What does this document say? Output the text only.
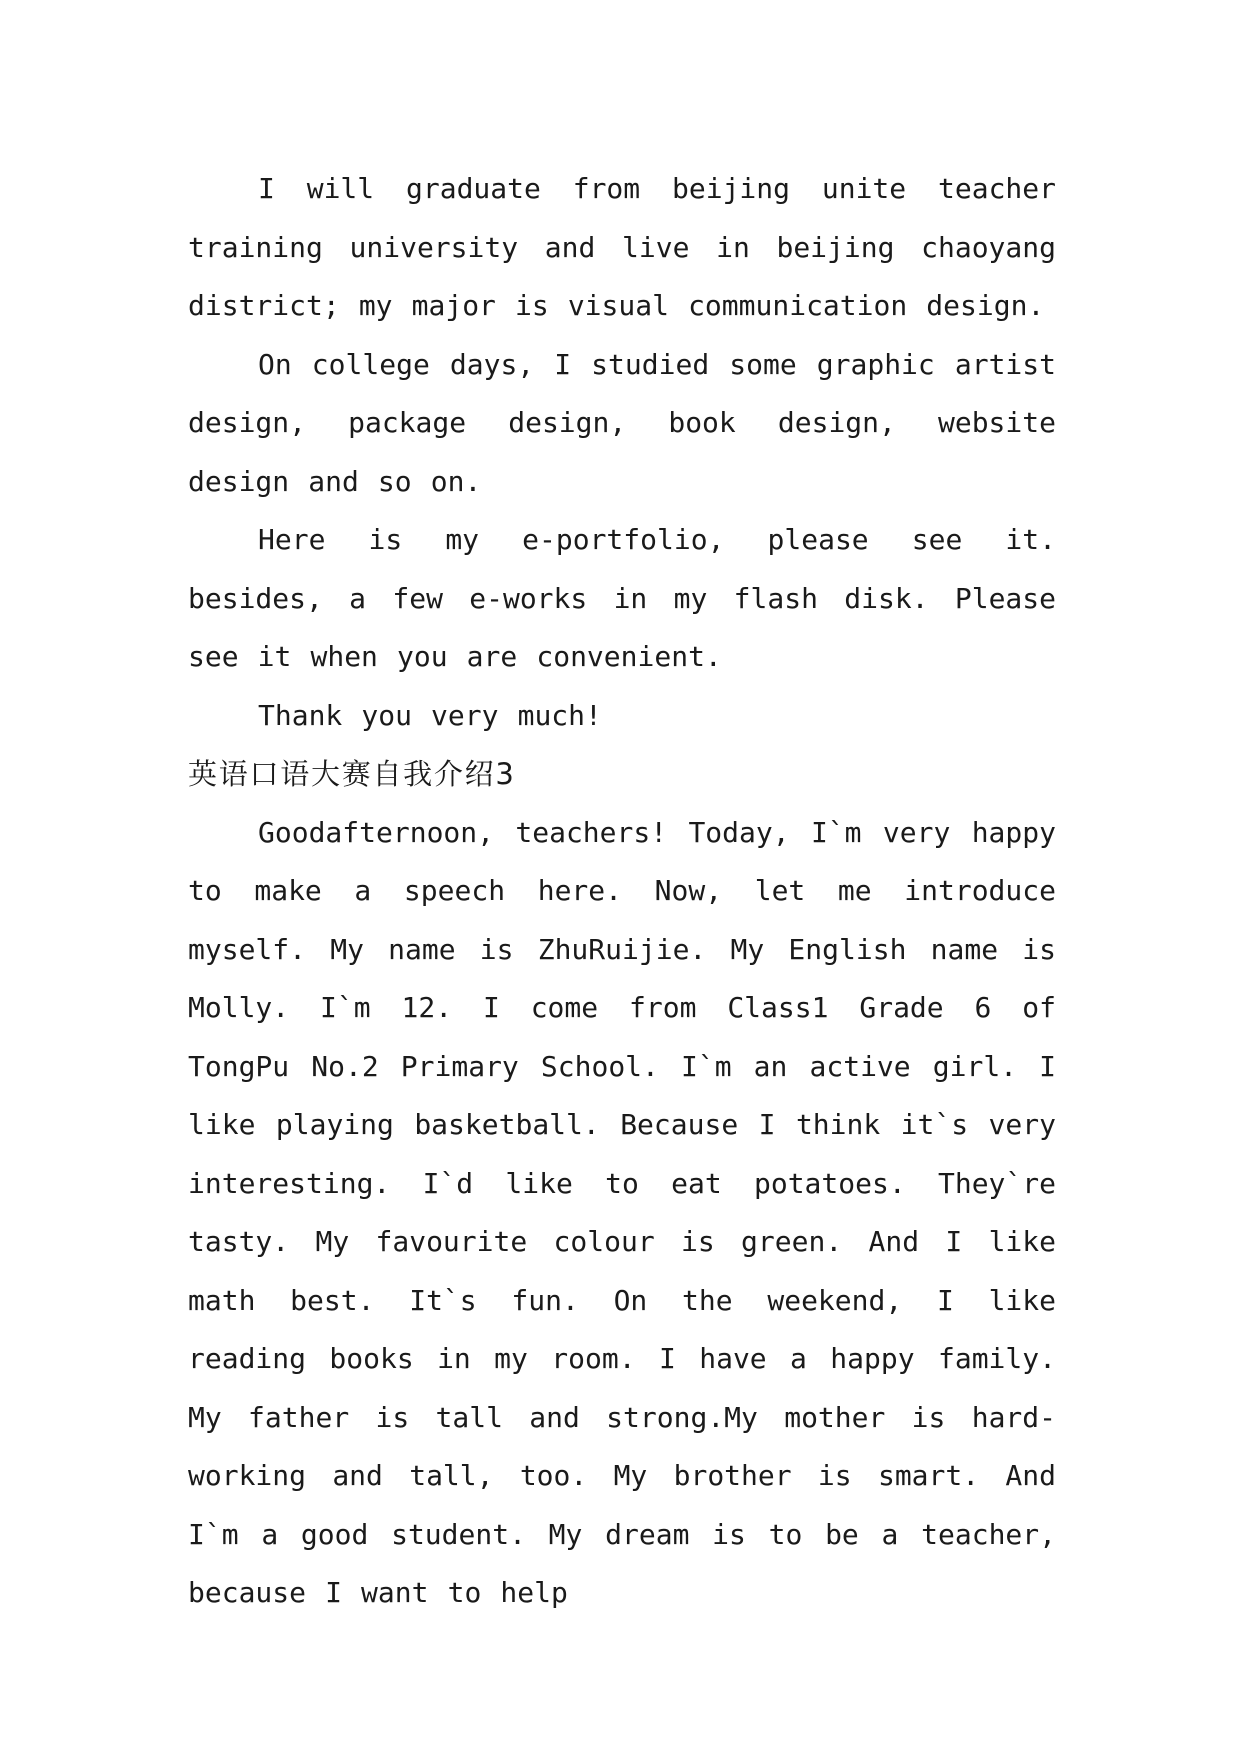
I will graduate from beijing unite teacher training university and live in beijing chaoyang district; my major is visual communication design.

On college days, I studied some graphic artist design, package design, book design, website design and so on.

Here is my e-portfolio, please see it. besides, a few e-works in my flash disk. Please see it when you are convenient.

Thank you very much!

英语口语大赛自我介绍3

Goodafternoon, teachers! Today, I`m very happy to make a speech here. Now, let me introduce myself. My name is ZhuRuijie. My English name is Molly. I`m 12. I come from Class1 Grade 6 of TongPu No.2 Primary School. I`m an active girl. I like playing basketball. Because I think it`s very interesting. I`d like to eat potatoes. They`re tasty. My favourite colour is green. And I like math best. It`s fun. On the weekend, I like reading books in my room. I have a happy family. My father is tall and strong.My mother is hard-working and tall, too. My brother is smart. And I`m a good student. My dream is to be a teacher, because I want to help
